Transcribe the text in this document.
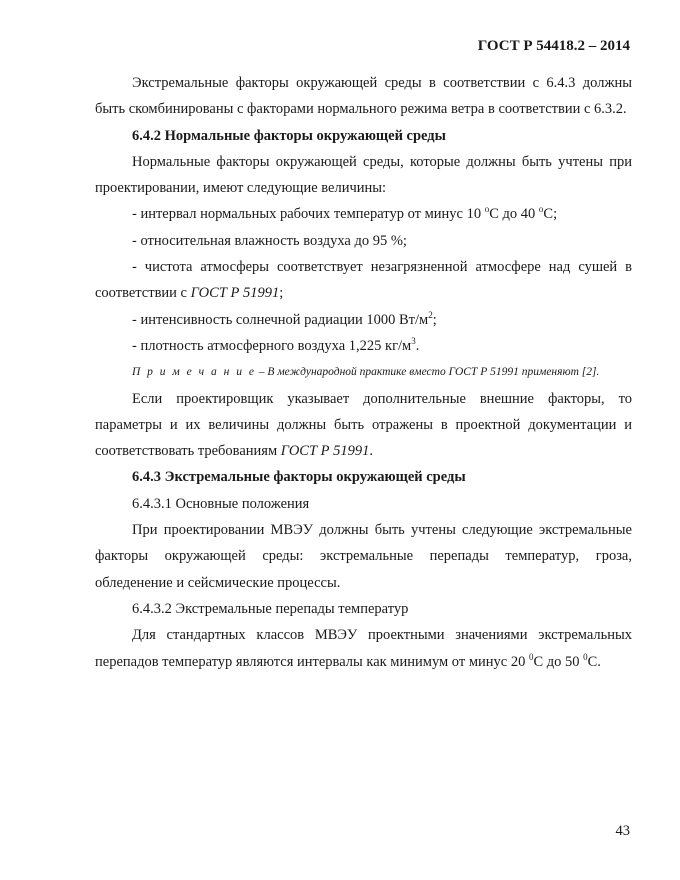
ГОСТ Р 54418.2 – 2014

Экстремальные факторы окружающей среды в соответствии с 6.4.3 должны быть скомбинированы с факторами нормального режима ветра в соответствии с 6.3.2.

6.4.2 Нормальные факторы окружающей среды

Нормальные факторы окружающей среды, которые должны быть учтены при проектировании, имеют следующие величины:

- интервал нормальных рабочих температур от минус 10 $^о$С до 40 $^о$С;

- относительная влажность воздуха до 95 %;

- чистота атмосферы соответствует незагрязненной атмосфере над сушей в соответствии с ГОСТ Р 51991;

- интенсивность солнечной радиации 1000 $Вт/м^2$;

- плотность атмосферного воздуха 1,225 $кг/м^3$.

П р и м е ч а н и е – В международной практике вместо ГОСТ Р 51991 применяют [2].

Если проектировщик указывает дополнительные внешние факторы, то параметры и их величины должны быть отражены в проектной документации и соответствовать требованиям ГОСТ Р 51991.

6.4.3 Экстремальные факторы окружающей среды

6.4.3.1 Основные положения

При проектировании МВЭУ должны быть учтены следующие экстремальные факторы окружающей среды: экстремальные перепады температур, гроза, обледенение и сейсмические процессы.

6.4.3.2 Экстремальные перепады температур

Для стандартных классов МВЭУ проектными значениями экстремальных перепадов температур являются интервалы как минимум от минус 20 $^0$С до 50 $^0$С.

43
